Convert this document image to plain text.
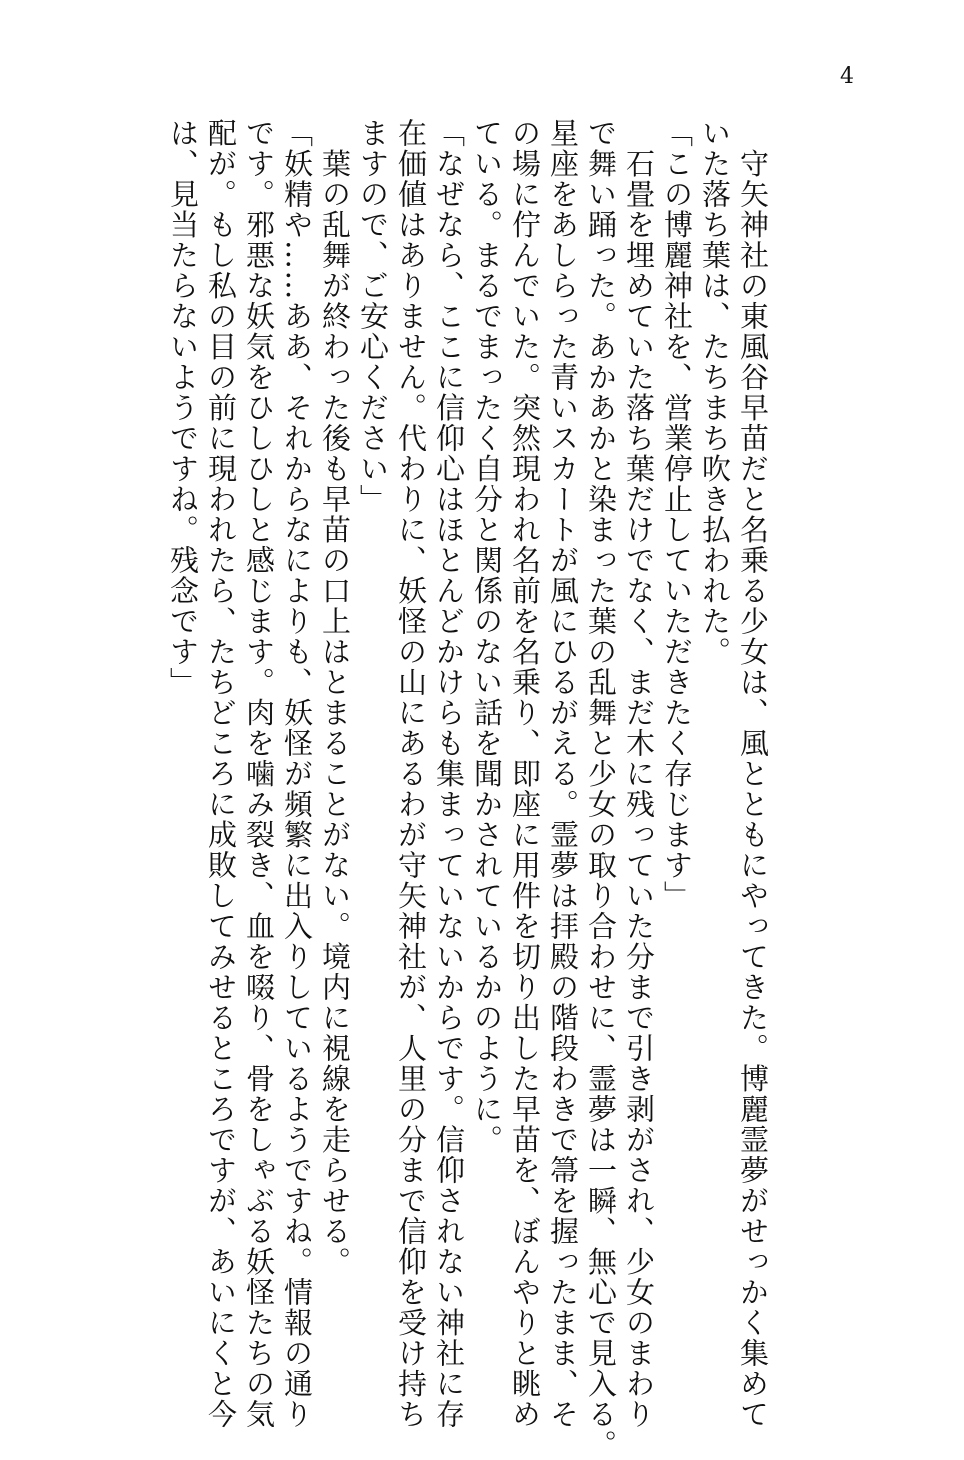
4

　守矢神社の東風谷早苗だと名乗る少女は、風とともにやってきた。博麗霊夢がせっかく集めて

いた落ち葉は、たちまち吹き払われた。

「この博麗神社を、営業停止していただきたく存じます」

　石畳を埋めていた落ち葉だけでなく、まだ木に残っていた分まで引き剥がされ、少女のまわり

で舞い踊った。あかあかと染まった葉の乱舞と少女の取り合わせに、霊夢は一瞬、無心で見入る。

星座をあしらった青いスカートが風にひるがえる。霊夢は拝殿の階段わきで箒を握ったまま、そ

の場に佇んでいた。突然現われ名前を名乗り、即座に用件を切り出した早苗を、ぼんやりと眺め

ている。まるでまったく自分と関係のない話を聞かされているかのように。

「なぜなら、ここに信仰心はほとんどかけらも集まっていないからです。信仰されない神社に存

在価値はありません。代わりに、妖怪の山にあるわが守矢神社が、人里の分まで信仰を受け持ち

ますので、ご安心ください」

　葉の乱舞が終わった後も早苗の口上はとまることがない。境内に視線を走らせる。

「妖精や……ああ、それからなによりも、妖怪が頻繁に出入りしているようですね。情報の通り

です。邪悪な妖気をひしひしと感じます。肉を噛み裂き、血を啜り、骨をしゃぶる妖怪たちの気

配が。もし私の目の前に現われたら、たちどころに成敗してみせるところですが、あいにくと今

は、見当たらないようですね。残念です」
